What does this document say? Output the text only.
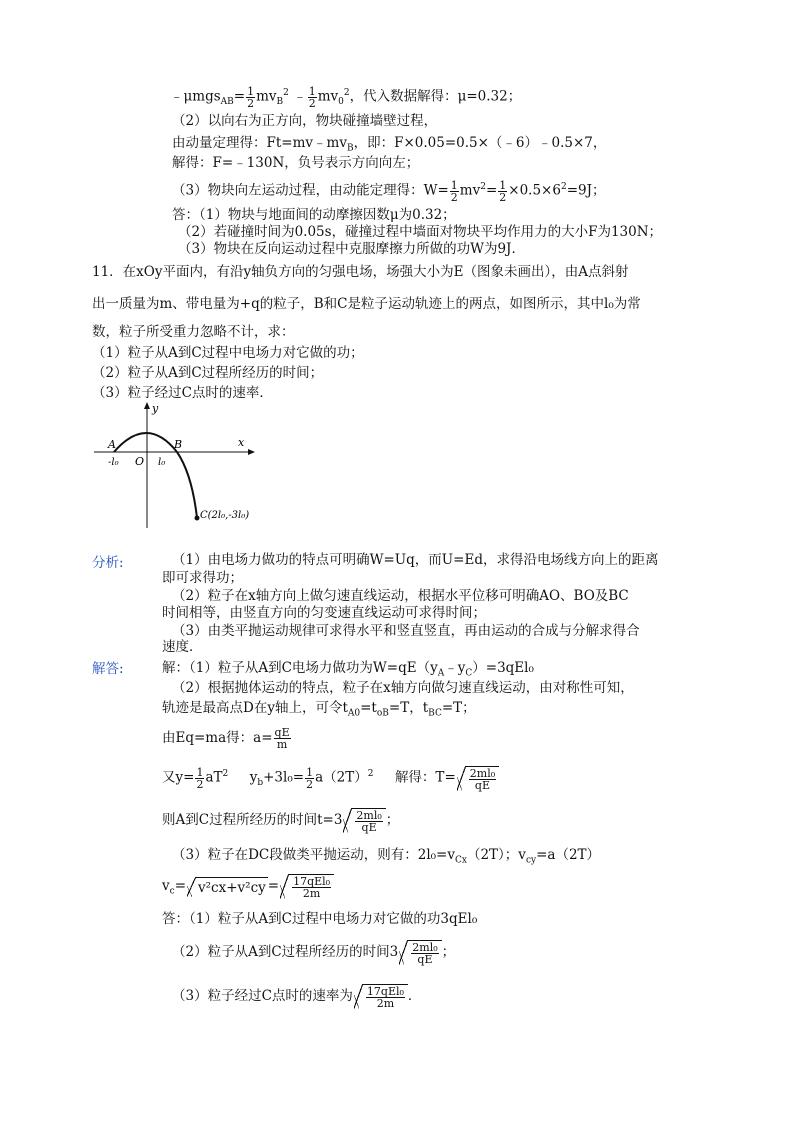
﹣μmgs$_{AB}$= $\frac{1}{2} mv_B^2$ ﹣ $\frac{1}{2} mv_0^2$，代入数据解得：μ=0.32；
（2）以向右为正方向，物块碰撞墙壁过程，
由动量定理得：$Ft=mv﹣mv_B$，即：F×0.05=0.5×（﹣6）﹣0.5×7，
解得：F=﹣130N，负号表示方向向左；
（3）物块向左运动过程，由动能定理得：$W= \frac{1}{2} mv^2= \frac{1}{2} \times 0.5\times 6^2=9J$；
答：（1）物块与地面间的动摩擦因数μ为0.32；
（2）若碰撞时间为0.05s，碰撞过程中墙面对物块平均作用力的大小F为130N；
（3）物块在反向运动过程中克服摩擦力所做的功W为9J．
11．在xOy平面内，有沿y轴负方向的匀强电场，场强大小为E（图象未画出），由A点斜射
出一质量为m、带电量为+q的粒子，B和C是粒子运动轨迹上的两点，如图所示，其中l₀为常
数，粒子所受重力忽略不计，求：
（1）粒子从A到C过程中电场力对它做的功；
（2）粒子从A到C过程所经历的时间；
（3）粒子经过C点时的速率．
y
x
A	B
O
-l₀	l₀
C(2l₀,-3l₀)
分析:	（1）由电场力做功的特点可明确W=Uq，而U=Ed，求得沿电场线方向上的距离
即可求得功；
（2）粒子在x轴方向上做匀速直线运动，根据水平位移可明确AO、BO及BC
时间相等，由竖直方向的匀变速直线运动可求得时间；
（3）由类平抛运动规律可求得水平和竖直竖直，再由运动的合成与分解求得合
速度．
解答:	解：（1）粒子从A到C电场力做功为$W=qE(y_A﹣y_C)=3qEl_0$
（2）根据抛体运动的特点，粒子在x轴方向做匀速直线运动，由对称性可知，
轨迹是最高点D在y轴上，可令$t_{A0}=t_{oB}=T$，$t_{BC}=T$；
由Eq=ma得：$a= \frac{qE}{m}$
又$y= \frac{1}{2} aT^2$ $y_b+3l_0= \frac{1}{2} a(2T)^2$ 解得：$T= \frac{\text{2ml₀}}{qE}$
则A到C过程所经历的时间$t=3 \frac{\text{2ml₀}}{qE}$ ；
（3）粒子在DC段做类平抛运动，则有：$2l_0=v_{Cx}(2T)$；$v_{cy}=a(2T)$
$v_c= v^2cx+v^2cy = \frac{\text{17qEl₀}}{2m}$
答：（1）粒子从A到C过程中电场力对它做的功3qEl₀
（2）粒子从A到C过程所经历的时间$3 \frac{\text{2ml₀}}{qE}$ ；
（3）粒子经过C点时的速率为 $\frac{\text{17qEl₀}}{2m}$ ．
